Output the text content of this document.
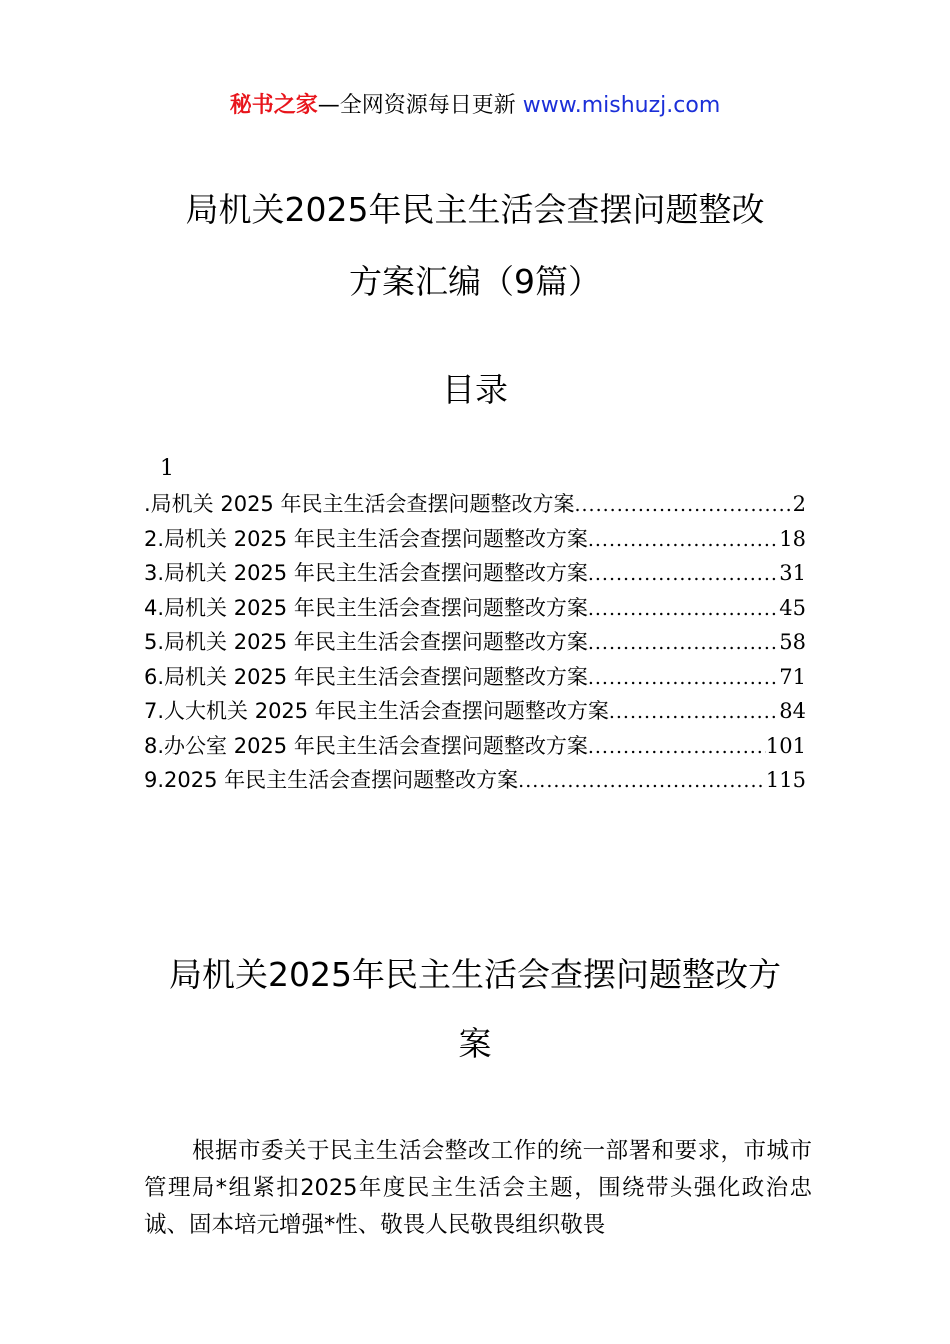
秘书之家—全网资源每日更新 www.mishuzj.com
局机关2025年民主生活会查摆问题整改
方案汇编（9篇）
目录
1
.局机关 2025 年民主生活会查摆问题整改方案 .....	2
2.局机关 2025 年民主生活会查摆问题整改方案 .....	18
3.局机关 2025 年民主生活会查摆问题整改方案 .....	31
4.局机关 2025 年民主生活会查摆问题整改方案 .....	45
5.局机关 2025 年民主生活会查摆问题整改方案 .....	58
6.局机关 2025 年民主生活会查摆问题整改方案 .....	71
7.人大机关 2025 年民主生活会查摆问题整改方案 .....	84
8.办公室 2025 年民主生活会查摆问题整改方案 .....	101
9.2025 年民主生活会查摆问题整改方案 .....	115
局机关2025年民主生活会查摆问题整改方
案

根据市委关于民主生活会整改工作的统一部署和要求，市城市管理局*组紧扣2025年度民主生活会主题，围绕带头强化政治忠诚、固本培元增强*性、敬畏人民敬畏组织敬畏
